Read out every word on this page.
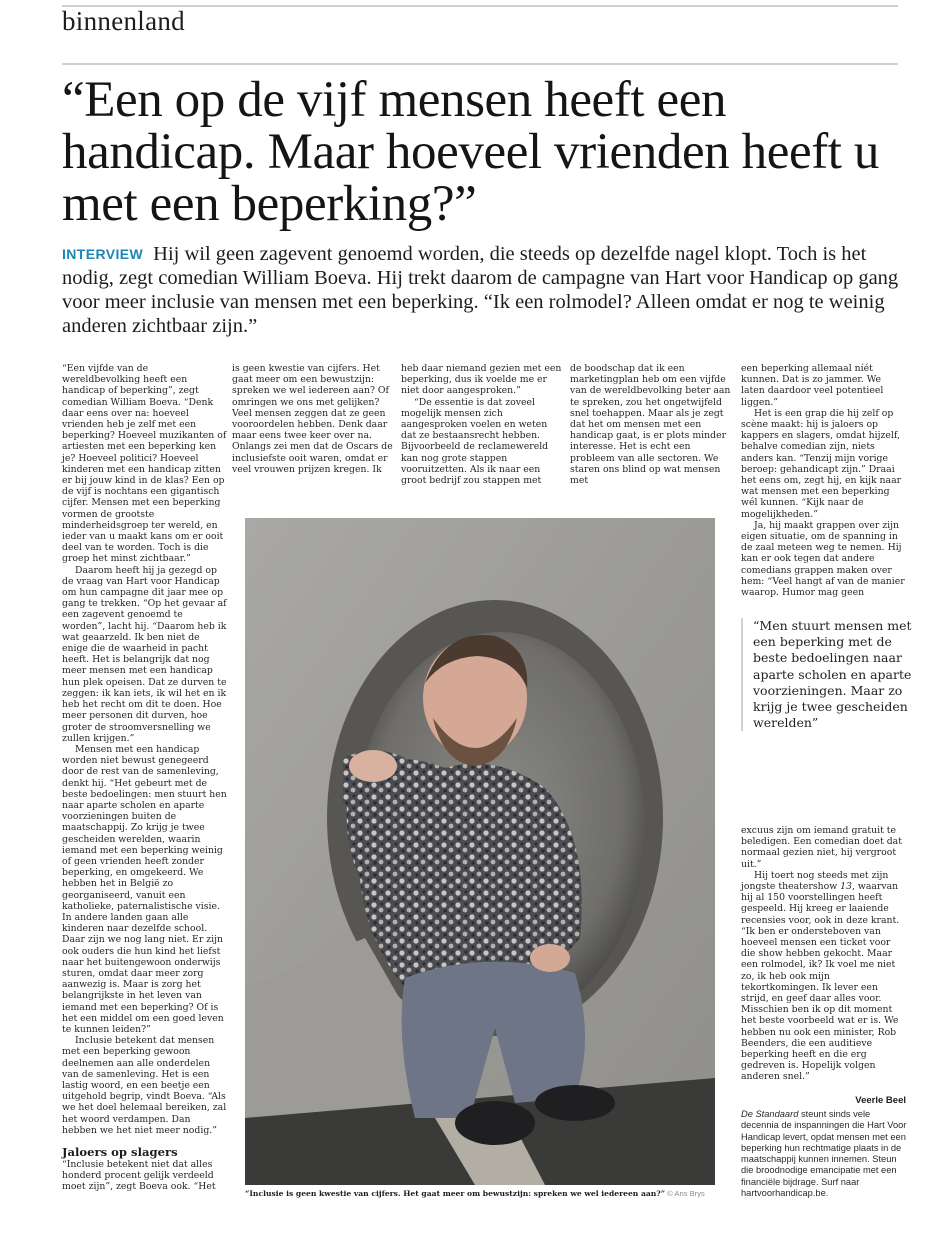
binnenland
“Een op de vijf mensen heeft een handicap. Maar hoeveel vrienden heeft u met een beperking?”
INTERVIEW Hij wil geen zagevent genoemd worden, die steeds op dezelfde nagel klopt. Toch is het nodig, zegt comedian William Boeva. Hij trekt daarom de campagne van Hart voor Handicap op gang voor meer inclusie van mensen met een beperking. “Ik een rolmodel? Alleen omdat er nog te weinig anderen zichtbaar zijn.”

“Een vijfde van de wereldbevolking heeft een handicap of beperking”, zegt comedian William Boeva. “Denk daar eens over na: hoeveel vrienden heb je zelf met een beperking? Hoeveel muzikanten of artiesten met een beperking ken je? Hoeveel politici? Hoeveel kinderen met een handicap zitten er bij jouw kind in de klas? Een op de vijf is nochtans een gigantisch cijfer. Mensen met een beperking vormen de grootste minderheidsgroep ter wereld, en ieder van u maakt kans om er ooit deel van te worden. Toch is die groep het minst zichtbaar.”

Daarom heeft hij ja gezegd op de vraag van Hart voor Handicap om hun campagne dit jaar mee op gang te trekken. “Op het gevaar af een zagevent genoemd te worden”, lacht hij. “Daarom heb ik wat geaarzeld. Ik ben niet de enige die de waarheid in pacht heeft. Het is belangrijk dat nog meer mensen met een handicap hun plek opeisen. Dat ze durven te zeggen: ik kan iets, ik wil het en ik heb het recht om dit te doen. Hoe meer personen dit durven, hoe groter de stroomversnelling we zullen krijgen.”

Mensen met een handicap worden niet bewust genegeerd door de rest van de samenleving, denkt hij. “Het gebeurt met de beste bedoelingen: men stuurt hen naar aparte scholen en aparte voorzieningen buiten de maatschappij. Zo krijg je twee gescheiden werelden, waarin iemand met een beperking weinig of geen vrienden heeft zonder beperking, en omgekeerd. We hebben het in België zo georganiseerd, vanuit een katholieke, paternalistische visie. In andere landen gaan alle kinderen naar dezelfde school. Daar zijn we nog lang niet. Er zijn ook ouders die hun kind het liefst naar het buitengewoon onderwijs sturen, omdat daar meer zorg aanwezig is. Maar is zorg het belangrijkste in het leven van iemand met een beperking? Of is het een middel om een goed leven te kunnen leiden?”

Inclusie betekent dat mensen met een beperking gewoon deelnemen aan alle onderdelen van de samenleving. Het is een lastig woord, en een beetje een uitgehold begrip, vindt Boeva. “Als we het doel helemaal bereiken, zal het woord verdampen. Dan hebben we het niet meer nodig.”

Jaloers op slagers

“Inclusie betekent niet dat alles honderd procent gelijk verdeeld moet zijn”, zegt Boeva ook. “Het

is geen kwestie van cijfers. Het gaat meer om een bewustzijn: spreken we wel iedereen aan? Of omringen we ons met gelijken? Veel mensen zeggen dat ze geen vooroordelen hebben. Denk daar maar eens twee keer over na. Onlangs zei men dat de Oscars de inclusiefste ooit waren, omdat er veel vrouwen prijzen kregen. Ik

heb daar niemand gezien met een beperking, dus ik voelde me er niet door aangesproken.”

“De essentie is dat zoveel mogelijk mensen zich aangesproken voelen en weten dat ze bestaansrecht hebben. Bijvoorbeeld de reclamewereld kan nog grote stappen vooruitzetten. Als ik naar een groot bedrijf zou stappen met

de boodschap dat ik een marketingplan heb om een vijfde van de wereldbevolking beter aan te spreken, zou het ongetwijfeld snel toehappen. Maar als je zegt dat het om mensen met een handicap gaat, is er plots minder interesse. Het is echt een probleem van alle sectoren. We staren ons blind op wat mensen met

een beperking allemaal níét kunnen. Dat is zo jammer. We laten daardoor veel potentieel liggen.”

Het is een grap die hij zelf op scène maakt: hij is jaloers op kappers en slagers, omdat hijzelf, behalve comedian zijn, niets anders kan. “Tenzij mijn vorige beroep: gehandicapt zijn.” Draai het eens om, zegt hij, en kijk naar wat mensen met een beperking wél kunnen. “Kijk naar de mogelijkheden.”

Ja, hij maakt grappen over zijn eigen situatie, om de spanning in de zaal meteen weg te nemen. Hij kan er ook tegen dat andere comedians grappen maken over hem: “Veel hangt af van de manier waarop. Humor mag geen

“Men stuurt mensen met een beperking met de beste bedoelingen naar aparte scholen en aparte voorzieningen. Maar zo krijg je twee gescheiden werelden”

excuus zijn om iemand gratuit te beledigen. Een comedian doet dat normaal gezien niet, hij vergroot uit.”

Hij toert nog steeds met zijn jongste theatershow 13, waarvan hij al 150 voorstellingen heeft gespeeld. Hij kreeg er laaiende recensies voor, ook in deze krant. “Ik ben er ondersteboven van hoeveel mensen een ticket voor die show hebben gekocht. Maar een rolmodel, ik? Ik voel me niet zo, ik heb ook mijn tekortkomingen. Ik lever een strijd, en geef daar alles voor. Misschien ben ik op dit moment het beste voorbeeld wat er is. We hebben nu ook een minister, Rob Beenders, die een auditieve beperking heeft en die erg gedreven is. Hopelijk volgen anderen snel.”

“Inclusie is geen kwestie van cijfers. Het gaat meer om bewustzijn: spreken we wel iedereen aan?” © Ans Brys
Veerle Beel
De Standaard steunt sinds vele decennia de inspanningen die Hart Voor Handicap levert, opdat mensen met een beperking hun rechtmatige plaats in de maatschappij kunnen innemen. Steun die broodnodige emancipatie met een financiële bijdrage. Surf naar hartvoorhandicap.be.
